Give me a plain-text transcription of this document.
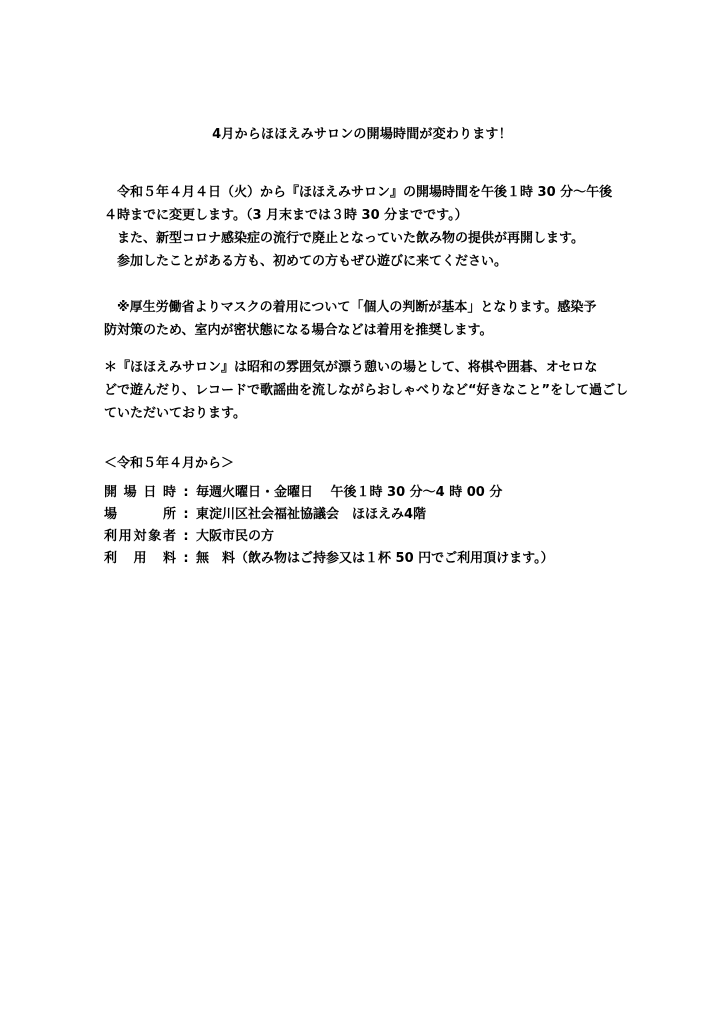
4月からほほえみサロンの開場時間が変わります！
令和５年４月４日（火）から『ほほえみサロン』の開場時間を午後１時 30 分～午後
４時までに変更します。（3 月末までは３時 30 分までです。）
また、新型コロナ感染症の流行で廃止となっていた飲み物の提供が再開します。
参加したことがある方も、初めての方もぜひ遊びに来てください。
※厚生労働省よりマスクの着用について「個人の判断が基本」となります。感染予
防対策のため、室内が密状態になる場合などは着用を推奨します。
＊『ほほえみサロン』は昭和の雰囲気が漂う憩いの場として、将棋や囲碁、オセロな
どで遊んだり、レコードで歌謡曲を流しながらおしゃべりなど“好きなこと”をして過ごし
ていただいております。
＜令和５年４月から＞
開 場 日 時 : 毎週火曜日・金曜日　 午後１時 30 分～4 時 00 分
場	所 : 東淀川区社会福祉協議会　ほほえみ4階
利 用 対 象 者 : 大阪市民の方
利 用 料 : 無　料（飲み物はご持参又は１杯 50 円でご利用頂けます。）
